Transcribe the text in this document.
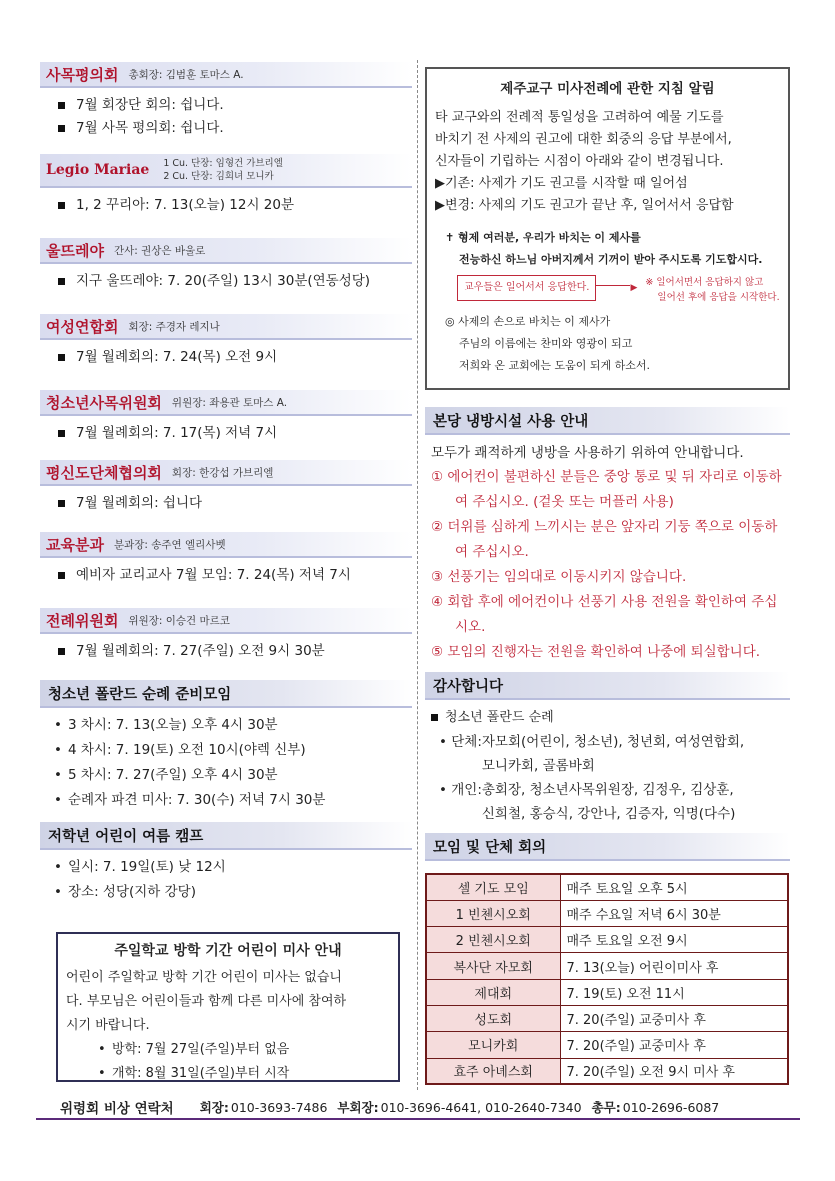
사목평의회 총회장: 김범훈 토마스 A.
7월 회장단 회의: 쉽니다.
7월 사목 평의회: 쉽니다.
Legio Mariae 1 Cu. 단장: 임형건 가브리엘
2 Cu. 단장: 김희녀 모니카
1, 2 꾸리아: 7. 13(오늘) 12시 20분
울뜨레야 간사: 권상은 바울로
지구 울뜨레야: 7. 20(주일) 13시 30분(연동성당)
여성연합회 회장: 주경자 레지나
7월 월례회의: 7. 24(목) 오전 9시
청소년사목위원회 위원장: 좌용관 토마스 A.
7월 월례회의: 7. 17(목) 저녁 7시
평신도단체협의회 회장: 한강섭 가브리엘
7월 월례회의: 쉽니다
교육분과 분과장: 송주연 엘리사벳
예비자 교리교사 7월 모임: 7. 24(목) 저녁 7시
전례위원회 위원장: 이승건 마르코
7월 월례회의: 7. 27(주일) 오전 9시 30분
청소년 폴란드 순례 준비모임
• 3 차시: 7. 13(오늘) 오후 4시 30분
• 4 차시: 7. 19(토) 오전 10시(야렉 신부)
• 5 차시: 7. 27(주일) 오후 4시 30분
• 순례자 파견 미사: 7. 30(수) 저녁 7시 30분
저학년 어린이 여름 캠프
• 일시: 7. 19일(토) 낮 12시
• 장소: 성당(지하 강당)
주일학교 방학 기간 어린이 미사 안내
어린이 주일학교 방학 기간 어린이 미사는 없습니
다. 부모님은 어린이들과 함께 다른 미사에 참여하
시기 바랍니다.
• 방학: 7월 27일(주일)부터 없음
• 개학: 8월 31일(주일)부터 시작
제주교구 미사전례에 관한 지침 알림
타 교구와의 전례적 통일성을 고려하여 예물 기도를
바치기 전 사제의 권고에 대한 회중의 응답 부분에서,
신자들이 기립하는 시점이 아래와 같이 변경됩니다.
▶기존: 사제가 기도 권고를 시작할 때 일어섬
▶변경: 사제의 기도 권고가 끝난 후, 일어서서 응답함
✝ 형제 여러분, 우리가 바치는 이 제사를
전능하신 하느님 아버지께서 기꺼이 받아 주시도록 기도합시다.
교우들은 일어서서 응답한다.	▶ ※ 일어서면서 응답하지 않고
일어선 후에 응답을 시작한다.
◎ 사제의 손으로 바치는 이 제사가
주님의 이름에는 찬미와 영광이 되고
저희와 온 교회에는 도움이 되게 하소서.
본당 냉방시설 사용 안내
모두가 쾌적하게 냉방을 사용하기 위하여 안내합니다.
① 에어컨이 불편하신 분들은 중앙 통로 및 뒤 자리로 이동하여 주십시오. (겉옷 또는 머플러 사용)
② 더위를 심하게 느끼시는 분은 앞자리 기둥 쪽으로 이동하여 주십시오.
③ 선풍기는 임의대로 이동시키지 않습니다.
④ 회합 후에 에어컨이나 선풍기 사용 전원을 확인하여 주십시오.
⑤ 모임의 진행자는 전원을 확인하여 나중에 퇴실합니다.
감사합니다
청소년 폴란드 순례
• 단체: 자모회(어린이, 청소년), 청년회, 여성연합회,
모니카회, 골롬바회
• 개인: 총회장, 청소년사목위원장, 김정우, 김상훈,
신희철, 홍승식, 강안나, 김증자, 익명(다수)
모임 및 단체 회의
셀 기도 모임	매주 토요일 오후 5시
1 빈첸시오회	매주 수요일 저녁 6시 30분
2 빈첸시오회	매주 토요일 오전 9시
복사단 자모회	7. 13(오늘) 어린이미사 후
제대회	7. 19(토) 오전 11시
성도회	7. 20(주일) 교중미사 후
모니카회	7. 20(주일) 교중미사 후
효주 아녜스회	7. 20(주일) 오전 9시 미사 후
위령회 비상 연락처 회장: 010-3693-7486 부회장: 010-3696-4641, 010-2640-7340 총무: 010-2696-6087
